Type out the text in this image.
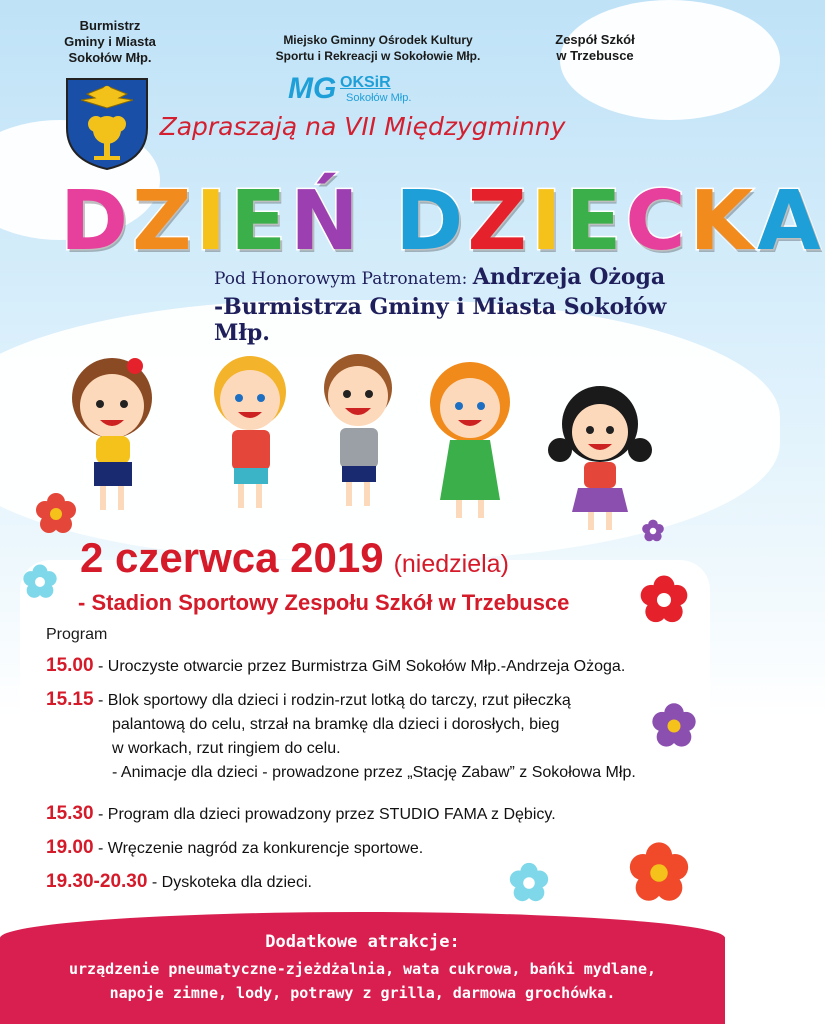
Burmistrz
Gminy i Miasta
Sokołów Młp.
Miejsko Gminny Ośrodek Kultury
Sportu i Rekreacji w Sokołowie Młp.
Zespół Szkół
w Trzebusce
MG OKSiR
Sokołów Młp.
Zapraszają na VII Międzygminny
DZIEŃ DZIECKA
Pod Honorowym Patronatem: Andrzeja Ożoga
-Burmistrza Gminy i Miasta Sokołów Młp.
2 czerwca 2019 (niedziela)
- Stadion Sportowy Zespołu Szkół w Trzebusce
Program
15.00 - Uroczyste otwarcie przez Burmistrza GiM Sokołów Młp.-Andrzeja Ożoga.
15.15 - Blok sportowy dla dzieci i rodzin-rzut lotką do tarczy, rzut piłeczką
palantową do celu, strzał na bramkę dla dzieci i dorosłych, bieg
w workach, rzut ringiem do celu.
- Animacje dla dzieci - prowadzone przez „Stację Zabaw” z Sokołowa Młp.
15.30 - Program dla dzieci prowadzony przez STUDIO FAMA z Dębicy.
19.00 - Wręczenie nagród za konkurencje sportowe.
19.30-20.30 - Dyskoteka dla dzieci.
Dodatkowe atrakcje:
urządzenie pneumatyczne-zjeżdżalnia, wata cukrowa, bańki mydlane,
napoje zimne, lody, potrawy z grilla, darmowa grochówka.
